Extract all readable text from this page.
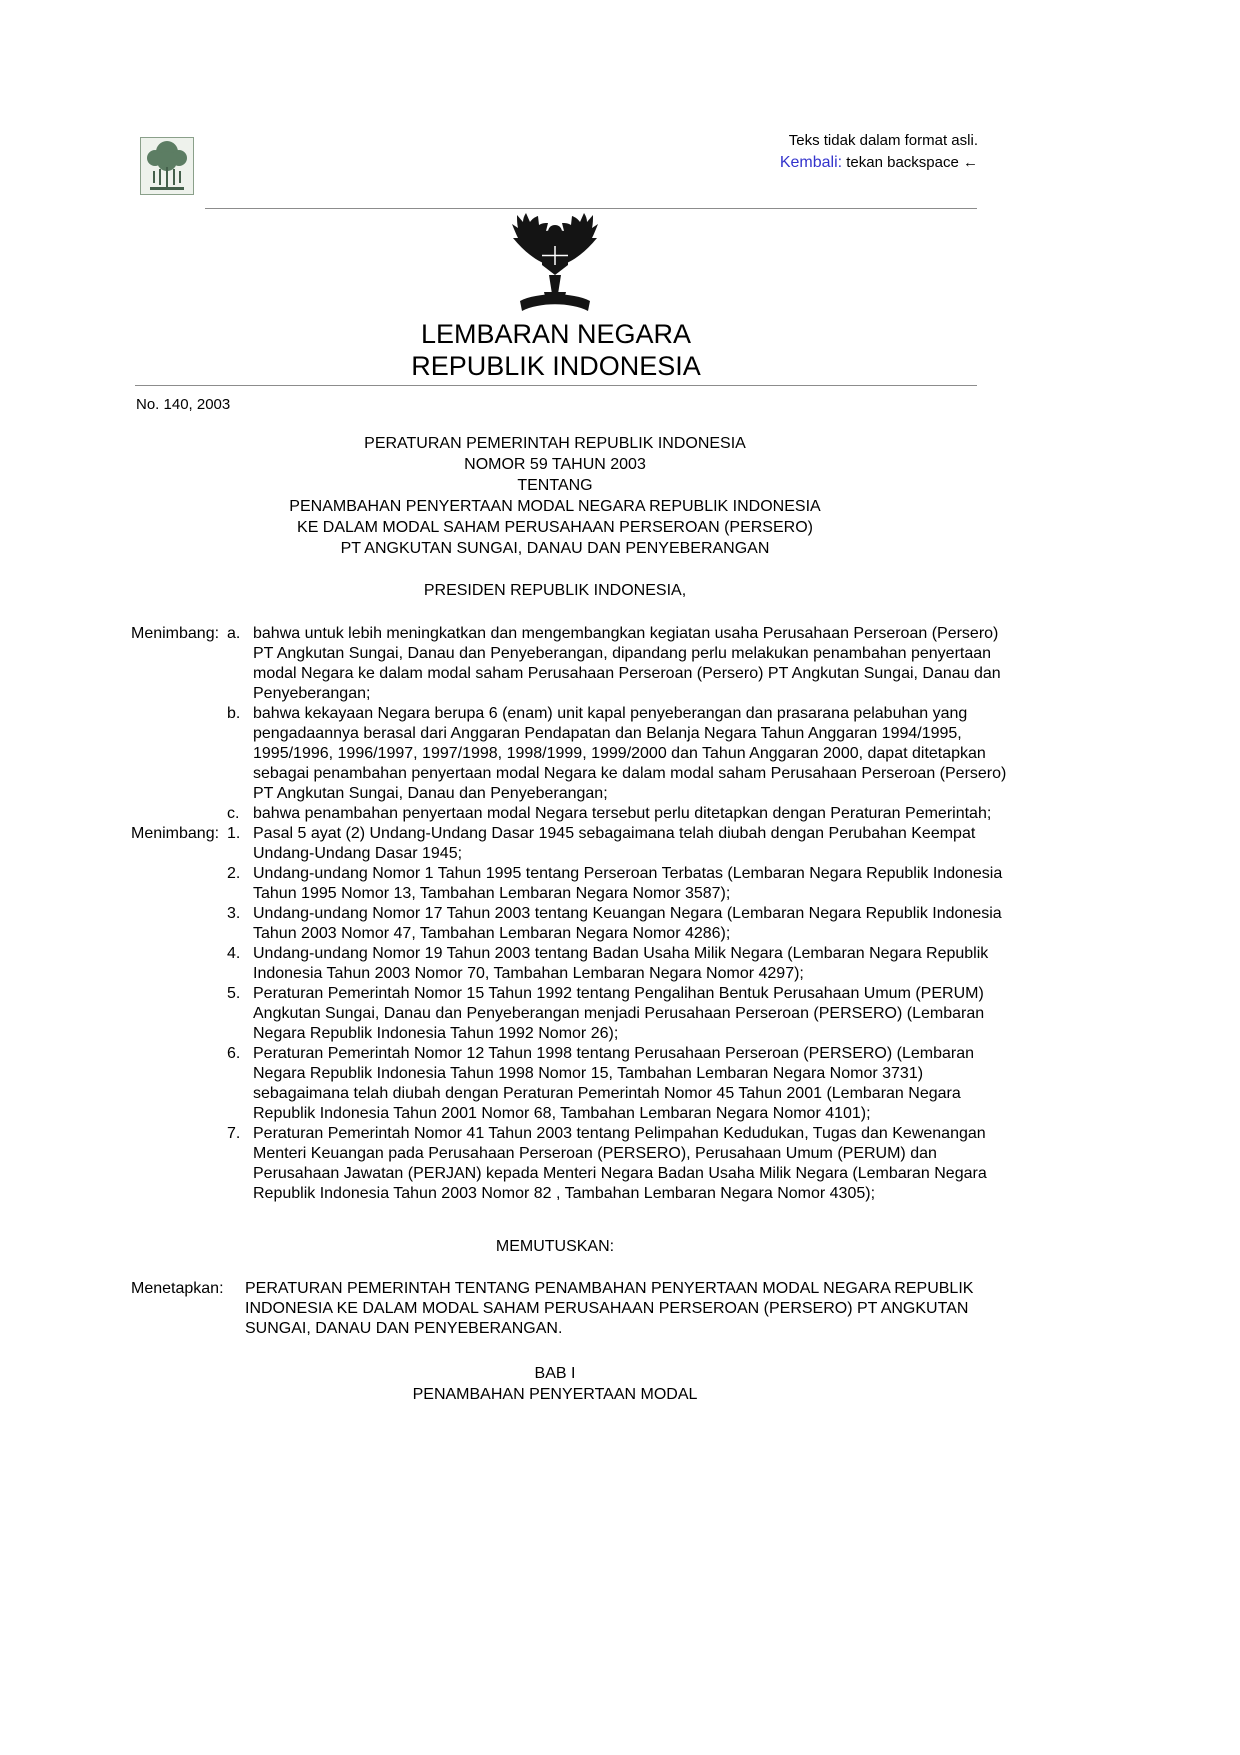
Teks tidak dalam format asli.
Kembali: tekan backspace ←
LEMBARAN NEGARA
REPUBLIK INDONESIA
No. 140, 2003
PERATURAN PEMERINTAH REPUBLIK INDONESIA
NOMOR 59 TAHUN 2003
TENTANG
PENAMBAHAN PENYERTAAN MODAL NEGARA REPUBLIK INDONESIA
KE DALAM MODAL SAHAM PERUSAHAAN PERSEROAN (PERSERO)
PT ANGKUTAN SUNGAI, DANAU DAN PENYEBERANGAN
PRESIDEN REPUBLIK INDONESIA,
Menimbang: a. bahwa untuk lebih meningkatkan dan mengembangkan kegiatan usaha Perusahaan Perseroan (Persero) PT Angkutan Sungai, Danau dan Penyeberangan, dipandang perlu melakukan penambahan penyertaan modal Negara ke dalam modal saham Perusahaan Perseroan (Persero) PT Angkutan Sungai, Danau dan Penyeberangan;
b. bahwa kekayaan Negara berupa 6 (enam) unit kapal penyeberangan dan prasarana pelabuhan yang pengadaannya berasal dari Anggaran Pendapatan dan Belanja Negara Tahun Anggaran 1994/1995, 1995/1996, 1996/1997, 1997/1998, 1998/1999, 1999/2000 dan Tahun Anggaran 2000, dapat ditetapkan sebagai penambahan penyertaan modal Negara ke dalam modal saham Perusahaan Perseroan (Persero) PT Angkutan Sungai, Danau dan Penyeberangan;
c. bahwa penambahan penyertaan modal Negara tersebut perlu ditetapkan dengan Peraturan Pemerintah;
Menimbang: 1. Pasal 5 ayat (2) Undang-Undang Dasar 1945 sebagaimana telah diubah dengan Perubahan Keempat Undang-Undang Dasar 1945;
2. Undang-undang Nomor 1 Tahun 1995 tentang Perseroan Terbatas (Lembaran Negara Republik Indonesia Tahun 1995 Nomor 13, Tambahan Lembaran Negara Nomor 3587);
3. Undang-undang Nomor 17 Tahun 2003 tentang Keuangan Negara (Lembaran Negara Republik Indonesia Tahun 2003 Nomor 47, Tambahan Lembaran Negara Nomor 4286);
4. Undang-undang Nomor 19 Tahun 2003 tentang Badan Usaha Milik Negara (Lembaran Negara Republik Indonesia Tahun 2003 Nomor 70, Tambahan Lembaran Negara Nomor 4297);
5. Peraturan Pemerintah Nomor 15 Tahun 1992 tentang Pengalihan Bentuk Perusahaan Umum (PERUM) Angkutan Sungai, Danau dan Penyeberangan menjadi Perusahaan Perseroan (PERSERO) (Lembaran Negara Republik Indonesia Tahun 1992 Nomor 26);
6. Peraturan Pemerintah Nomor 12 Tahun 1998 tentang Perusahaan Perseroan (PERSERO) (Lembaran Negara Republik Indonesia Tahun 1998 Nomor 15, Tambahan Lembaran Negara Nomor 3731) sebagaimana telah diubah dengan Peraturan Pemerintah Nomor 45 Tahun 2001 (Lembaran Negara Republik Indonesia Tahun 2001 Nomor 68, Tambahan Lembaran Negara Nomor 4101);
7. Peraturan Pemerintah Nomor 41 Tahun 2003 tentang Pelimpahan Kedudukan, Tugas dan Kewenangan Menteri Keuangan pada Perusahaan Perseroan (PERSERO), Perusahaan Umum (PERUM) dan Perusahaan Jawatan (PERJAN) kepada Menteri Negara Badan Usaha Milik Negara (Lembaran Negara Republik Indonesia Tahun 2003 Nomor 82 , Tambahan Lembaran Negara Nomor 4305);
MEMUTUSKAN:
Menetapkan:	PERATURAN PEMERINTAH TENTANG PENAMBAHAN PENYERTAAN MODAL NEGARA REPUBLIK INDONESIA KE DALAM MODAL SAHAM PERUSAHAAN PERSEROAN (PERSERO) PT ANGKUTAN SUNGAI, DANAU DAN PENYEBERANGAN.
BAB I
PENAMBAHAN PENYERTAAN MODAL
